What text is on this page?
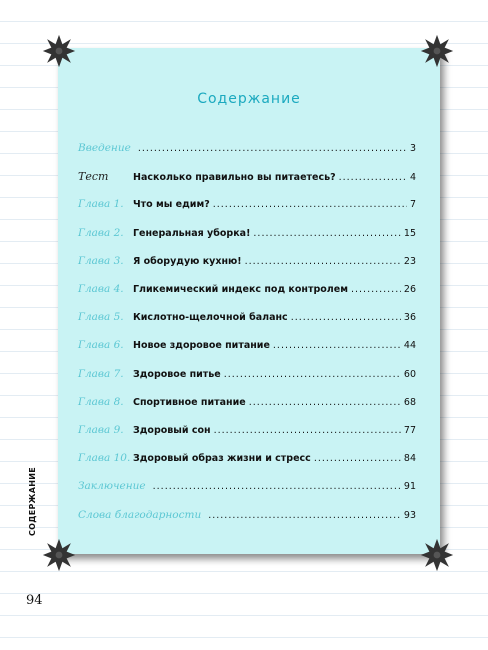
Содержание
Введение .....	3
Тест	Насколько правильно вы питаетесь? .....	4
Глава 1. Что мы едим? .....	7
Глава 2. Генеральная уборка! .....	15
Глава 3. Я оборудую кухню! .....	23
Глава 4. Гликемический индекс под контролем .....	26
Глава 5. Кислотно-щелочной баланс .....	36
Глава 6. Новое здоровое питание .....	44
Глава 7. Здоровое питье .....	60
Глава 8. Спортивное питание .....	68
Глава 9. Здоровый сон .....	77
Глава 10. Здоровый образ жизни и стресс .....	84
Заключение .....	91
Слова благодарности .....	93
СОДЕРЖАНИЕ
94
